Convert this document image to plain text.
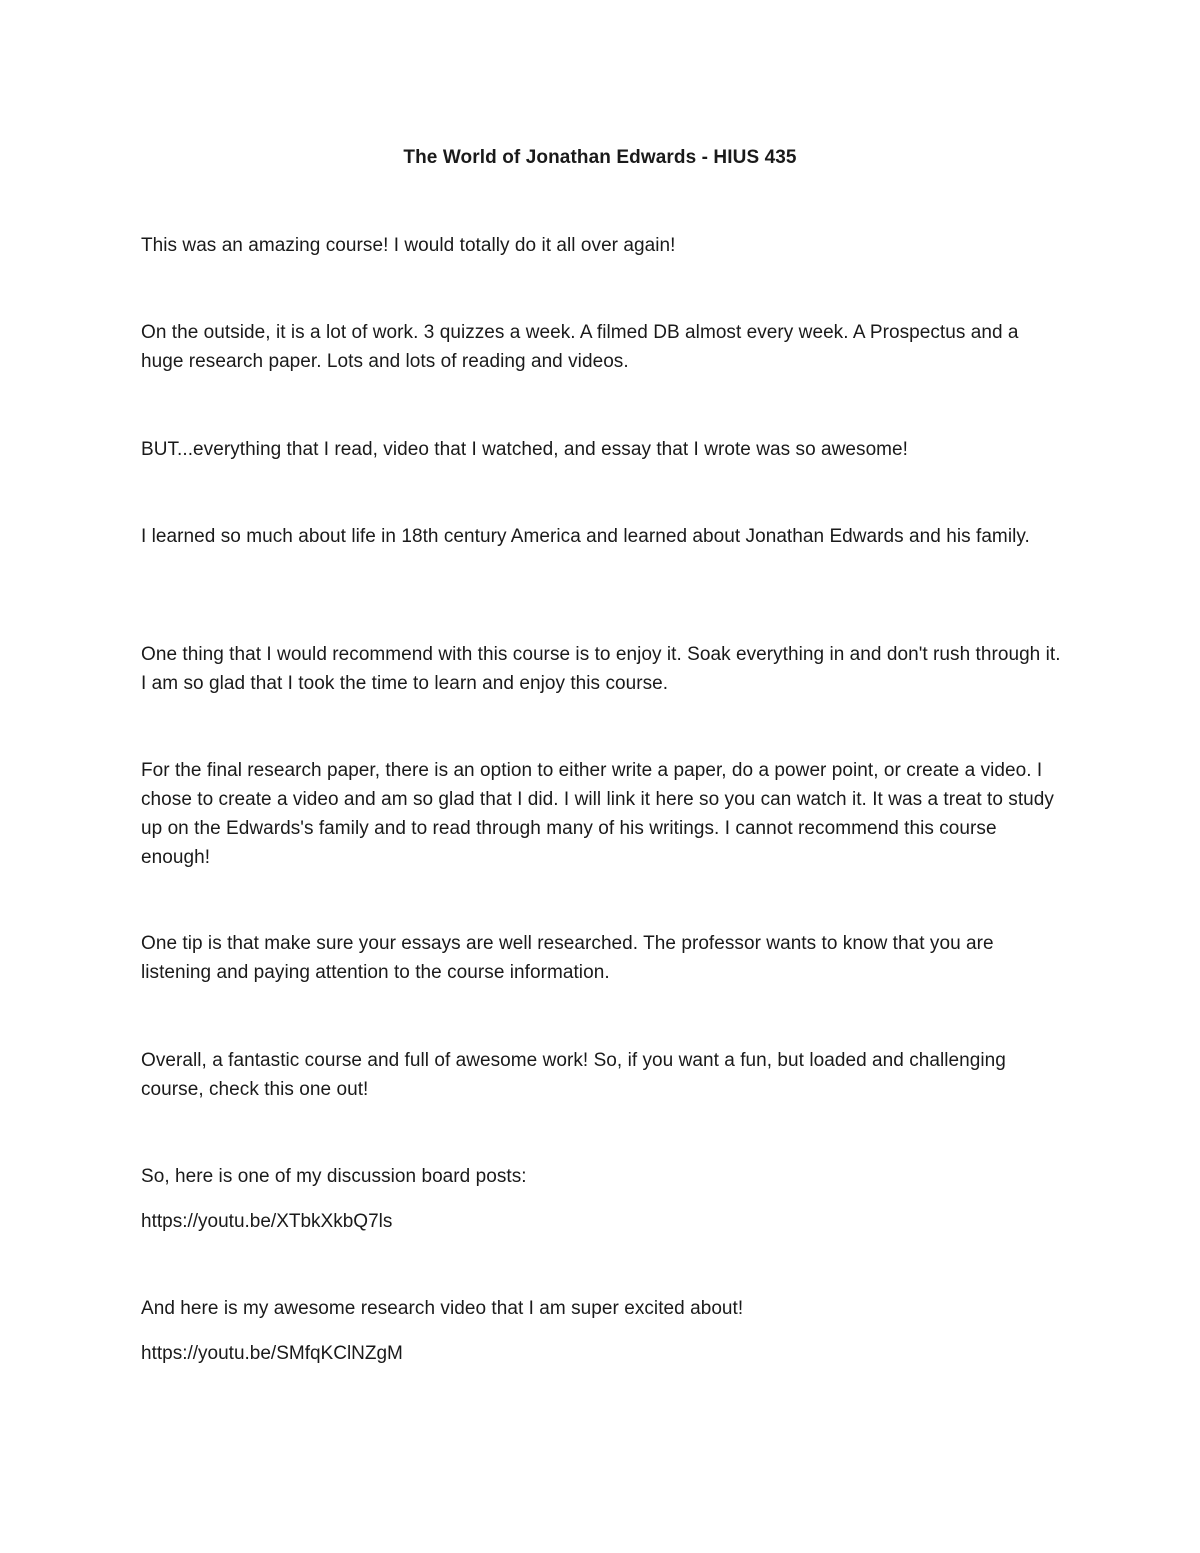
The World of Jonathan Edwards - HIUS 435

This was an amazing course! I would totally do it all over again!

On the outside, it is a lot of work. 3 quizzes a week. A filmed DB almost every week. A Prospectus and a huge research paper. Lots and lots of reading and videos.

BUT...everything that I read, video that I watched, and essay that I wrote was so awesome!

I learned so much about life in 18th century America and learned about Jonathan Edwards and his family.

One thing that I would recommend with this course is to enjoy it. Soak everything in and don't rush through it. I am so glad that I took the time to learn and enjoy this course.

For the final research paper, there is an option to either write a paper, do a power point, or create a video. I chose to create a video and am so glad that I did. I will link it here so you can watch it. It was a treat to study up on the Edwards's family and to read through many of his writings. I cannot recommend this course enough!

One tip is that make sure your essays are well researched. The professor wants to know that you are listening and paying attention to the course information.

Overall, a fantastic course and full of awesome work! So, if you want a fun, but loaded and challenging course, check this one out!

So, here is one of my discussion board posts:

https://youtu.be/XTbkXkbQ7ls

And here is my awesome research video that I am super excited about!

https://youtu.be/SMfqKClNZgM
